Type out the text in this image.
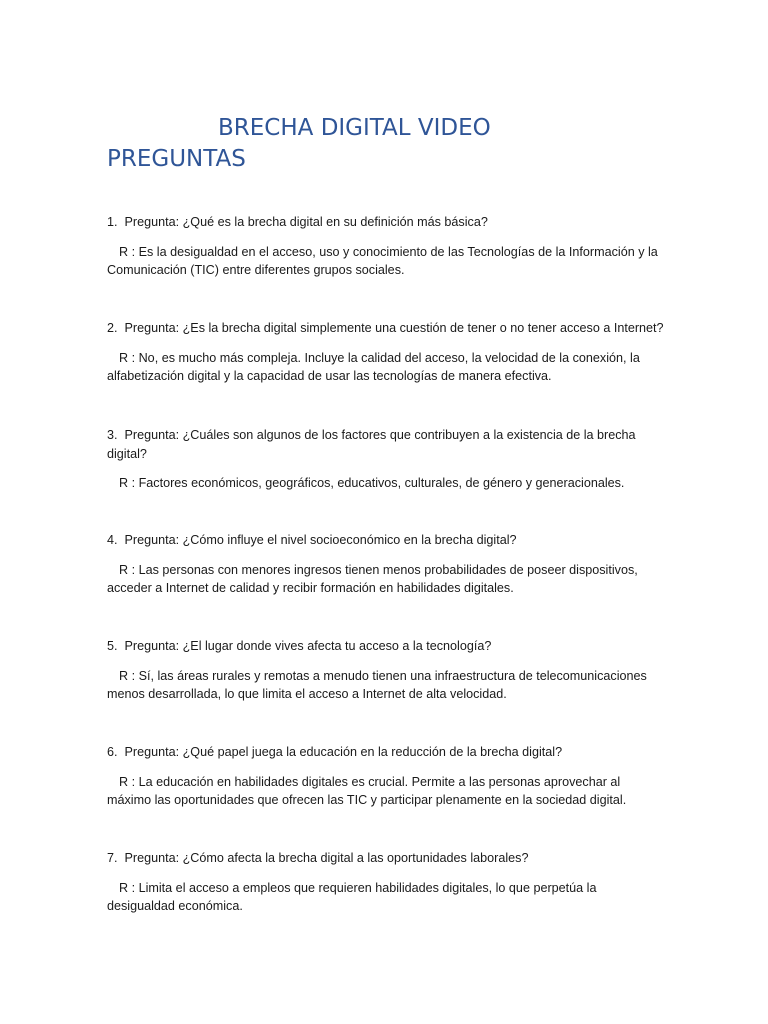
BRECHA DIGITAL VIDEO
PREGUNTAS

1.  Pregunta: ¿Qué es la brecha digital en su definición más básica?

R : Es la desigualdad en el acceso, uso y conocimiento de las Tecnologías de la Información y la Comunicación (TIC) entre diferentes grupos sociales.

2.  Pregunta: ¿Es la brecha digital simplemente una cuestión de tener o no tener acceso a Internet?

R : No, es mucho más compleja. Incluye la calidad del acceso, la velocidad de la conexión, la alfabetización digital y la capacidad de usar las tecnologías de manera efectiva.

3.  Pregunta: ¿Cuáles son algunos de los factores que contribuyen a la existencia de la brecha digital?

R : Factores económicos, geográficos, educativos, culturales, de género y generacionales.

4.  Pregunta: ¿Cómo influye el nivel socioeconómico en la brecha digital?

R : Las personas con menores ingresos tienen menos probabilidades de poseer dispositivos, acceder a Internet de calidad y recibir formación en habilidades digitales.

5.  Pregunta: ¿El lugar donde vives afecta tu acceso a la tecnología?

R : Sí, las áreas rurales y remotas a menudo tienen una infraestructura de telecomunicaciones menos desarrollada, lo que limita el acceso a Internet de alta velocidad.

6.  Pregunta: ¿Qué papel juega la educación en la reducción de la brecha digital?

R : La educación en habilidades digitales es crucial. Permite a las personas aprovechar al máximo las oportunidades que ofrecen las TIC y participar plenamente en la sociedad digital.

7.  Pregunta: ¿Cómo afecta la brecha digital a las oportunidades laborales?

R : Limita el acceso a empleos que requieren habilidades digitales, lo que perpetúa la desigualdad económica.
